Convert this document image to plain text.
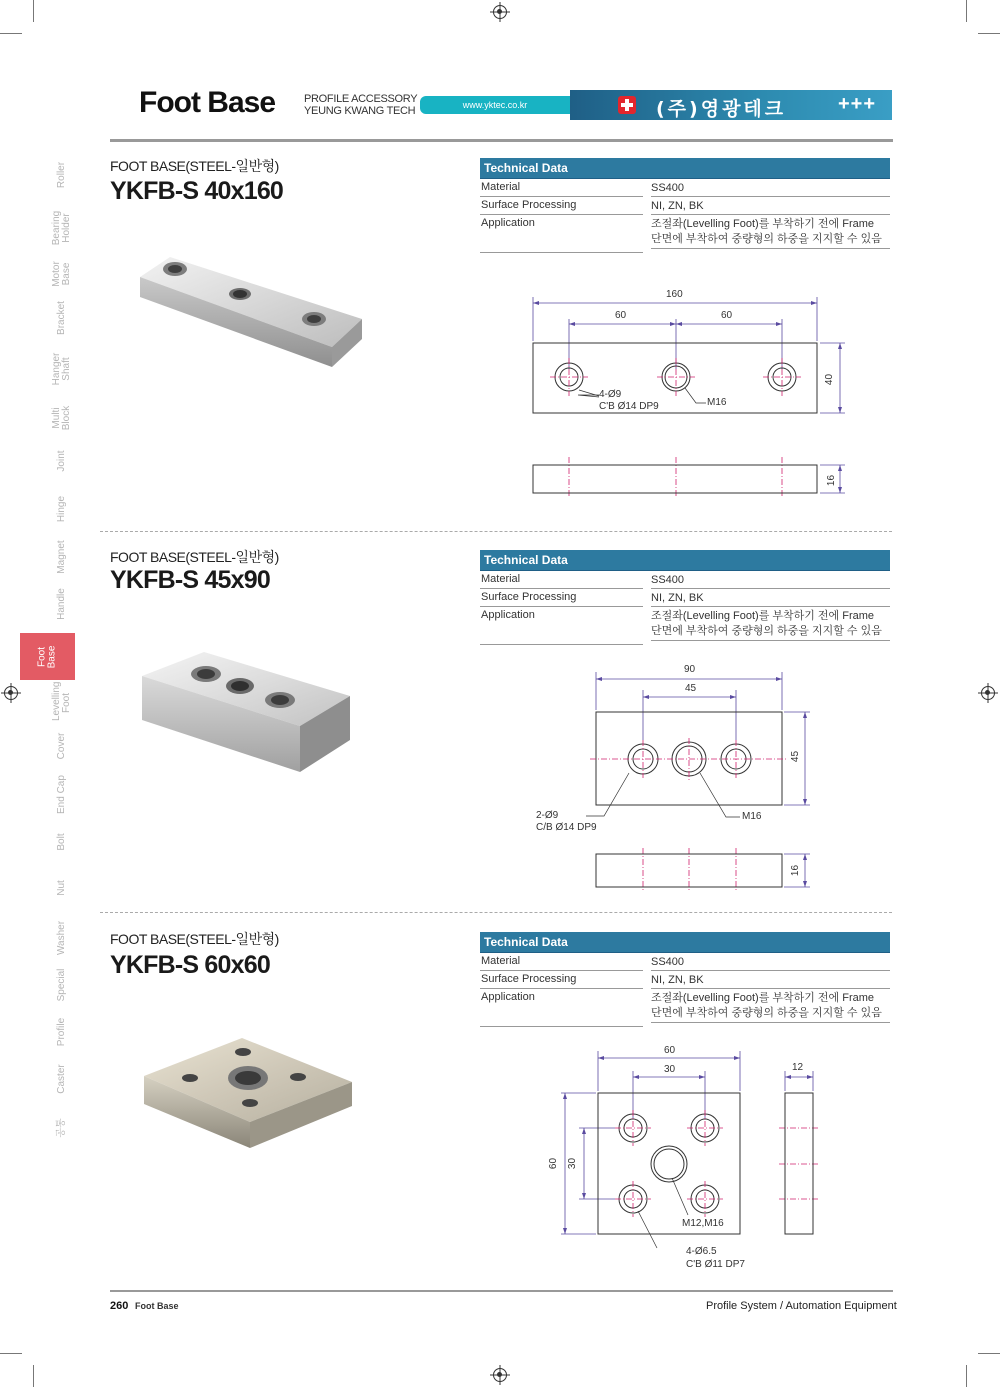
Foot Base	PROFILE ACCESSORY
YEUNG KWANG TECH	www.yktec.co.kr	(주)영광테크	+++
Roller
Bearing
Holder
Motor
Base
Bracket
Hanger
Shaft
Multi
Block
Joint
Hinge
Magnet
Handle
Foot
Base
Levelling
Foot
Cover
End Cap
Bolt
Nut
Washer
Special
Profile
Caster
공통
FOOT BASE(STEEL-일반형)
YKFB-S 40x160
Technical Data
Material	SS400
Surface Processing	NI, ZN, BK
Application	조절좌(Levelling Foot)를 부착하기 전에 Frame
단면에 부착하여 중량형의 하중을 지지할 수 있음
160
60	60
40
4-Ø9
C'B Ø14 DP9	M16
16
FOOT BASE(STEEL-일반형)
YKFB-S 45x90
Technical Data
Material	SS400
Surface Processing	NI, ZN, BK
Application	조절좌(Levelling Foot)를 부착하기 전에 Frame
단면에 부착하여 중량형의 하중을 지지할 수 있음
90
45
45
2-Ø9
C/B Ø14 DP9
M16
16
FOOT BASE(STEEL-일반형)
YKFB-S 60x60
Technical Data
Material	SS400
Surface Processing	NI, ZN, BK
Application	조절좌(Levelling Foot)를 부착하기 전에 Frame
단면에 부착하여 중량형의 하중을 지지할 수 있음
60
30
60 30
12
M12,M16
4-Ø6.5
C'B Ø11 DP7
260 Foot Base	Profile System / Automation Equipment
